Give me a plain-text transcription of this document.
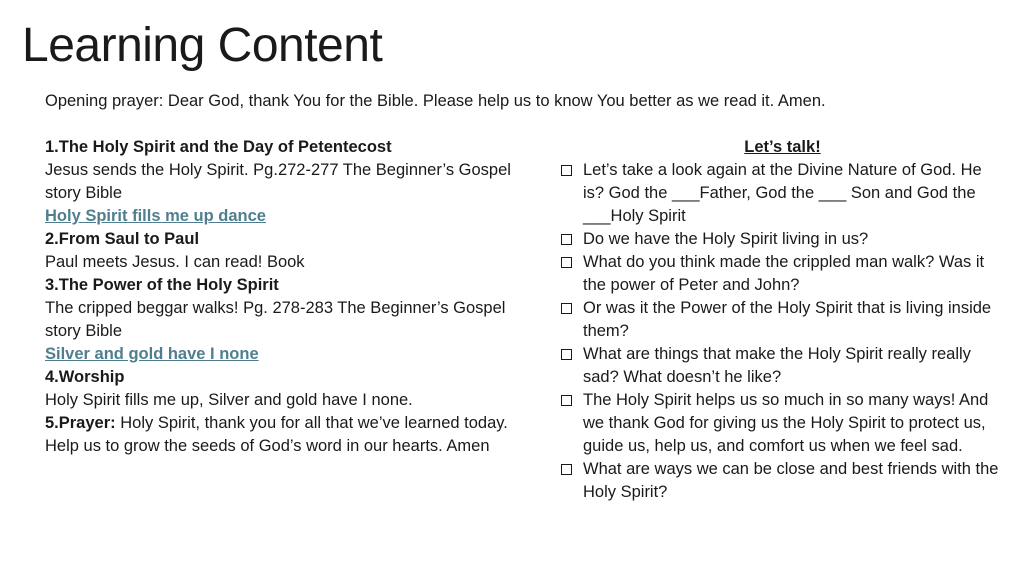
Learning Content
Opening prayer: Dear God, thank You for the Bible. Please help us to know You better as we read it. Amen.

1.The Holy Spirit and the Day of Petentecost

Jesus sends the Holy Spirit. Pg.272-277 The Beginner’s Gospel story Bible

Holy Spirit fills me up dance

2.From Saul to Paul

Paul meets Jesus. I can read! Book

3.The Power of the Holy Spirit

The cripped beggar walks! Pg. 278-283 The Beginner’s Gospel story Bible

Silver and gold have I none

4.Worship

Holy Spirit fills me up, Silver and gold have I none.

5.Prayer: Holy Spirit, thank you for all that we’ve learned today. Help us to grow the seeds of God’s word in our hearts. Amen

Let’s talk!

Let’s take a look again at the Divine Nature of God. He is? God the ___Father, God the ___ Son and God the ___Holy Spirit
Do we have the Holy Spirit living in us?
What do you think made the crippled man walk? Was it the power of Peter and John?
Or was it the Power of the Holy Spirit that is living inside them?
What are things that make the Holy Spirit really really sad? What doesn’t he like?
The Holy Spirit helps us so much in so many ways! And we thank God for giving us the Holy Spirit to protect us, guide us, help us, and comfort us when we feel sad.
What are ways we can be close and best friends with the Holy Spirit?
